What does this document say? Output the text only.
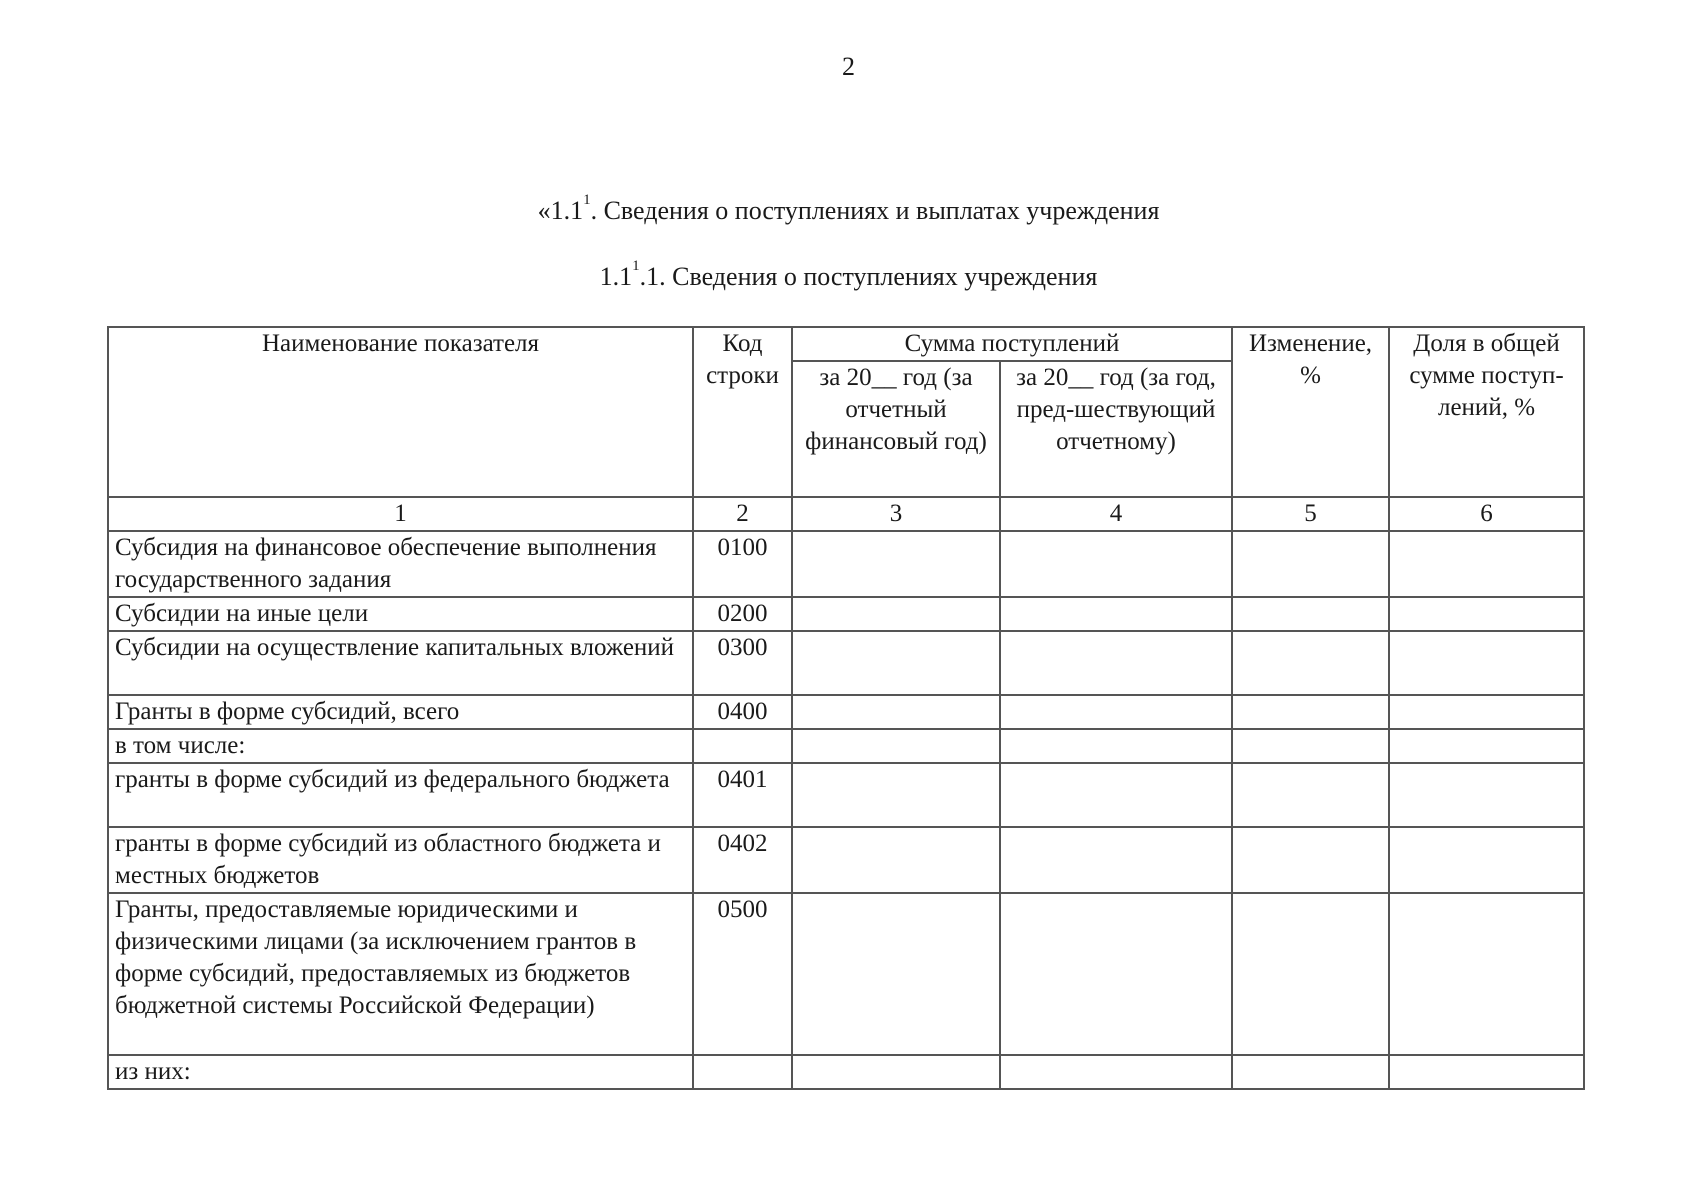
2
«$1.1^1$. Сведения о поступлениях и выплатах учреждения
$1.1^1.1$. Сведения о поступлениях учреждения
Наименование показателя	Код строки	Сумма поступлений		Изменение, %	Доля в общей сумме поступ-лений, %
		за 20__ год (за отчетный финансовый год)	за 20__ год (за год, пред-шествующий отчетному)		
1	2	3	4	5	6
Субсидия на финансовое обеспечение выполнения государственного задания	0100				
Субсидии на иные цели	0200				
Субсидии на осуществление капитальных вложений	0300				
Гранты в форме субсидий, всего	0400				
в том числе:					
гранты в форме субсидий из федерального бюджета	0401				
гранты в форме субсидий из областного бюджета и местных бюджетов	0402				
Гранты, предоставляемые юридическими и физическими лицами (за исключением грантов в форме субсидий, предоставляемых из бюджетов бюджетной системы Российской Федерации)	0500				
из них:					
